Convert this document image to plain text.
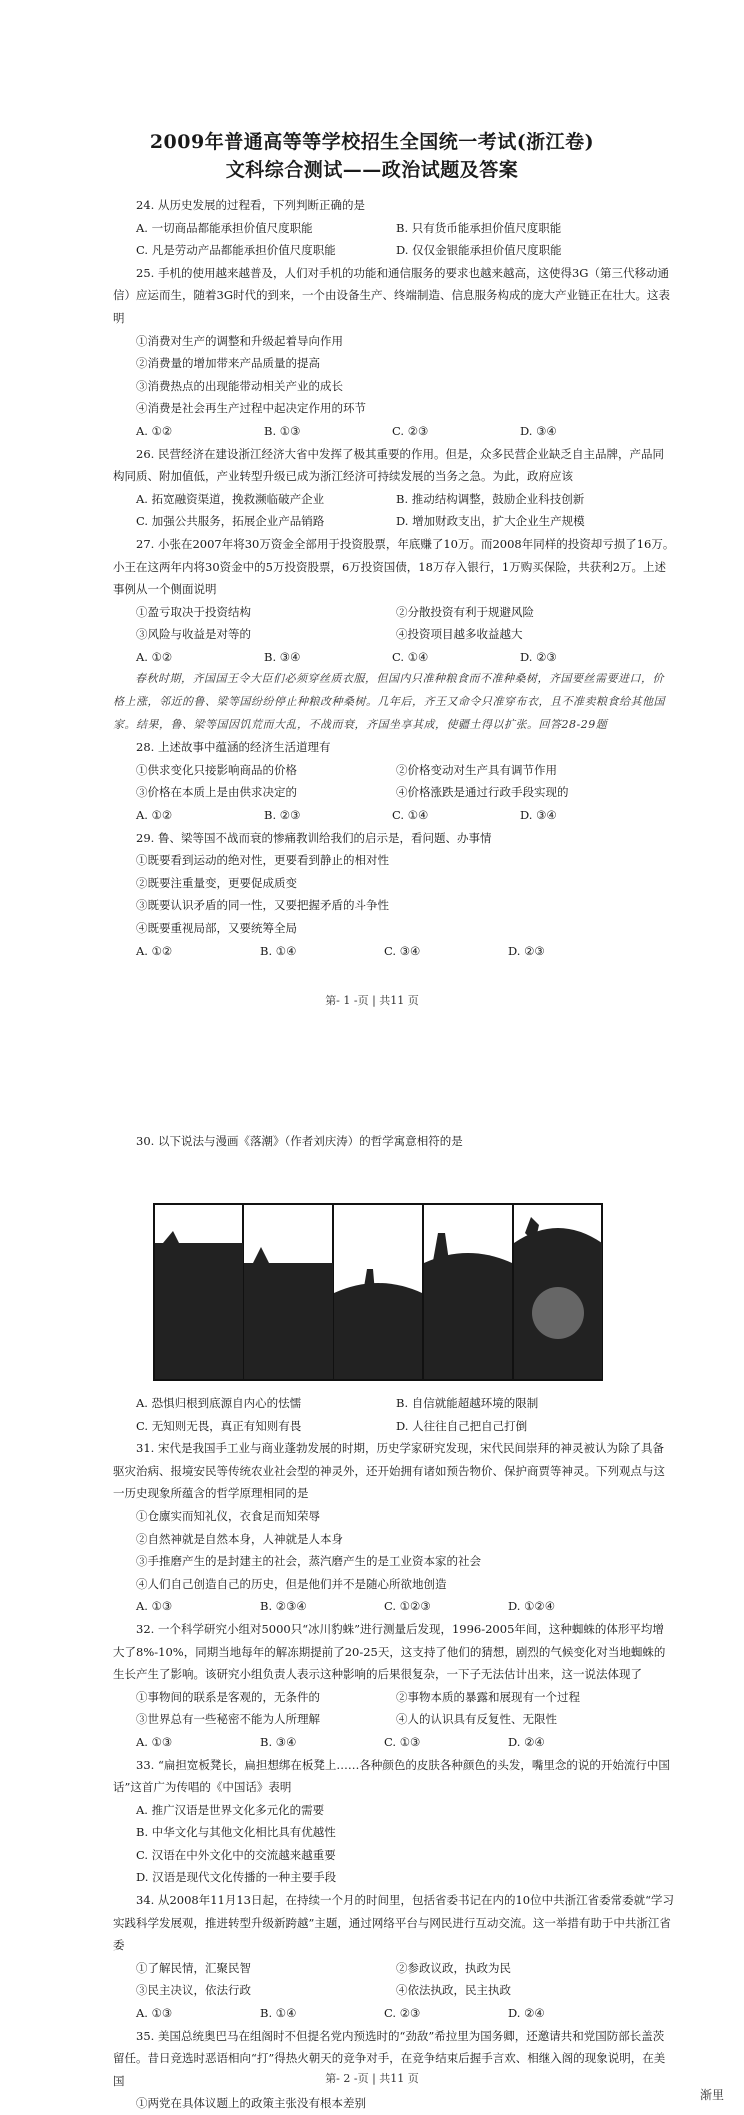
2009年普通高等等学校招生全国统一考试(浙江卷)
文科综合测试——政治试题及答案

24. 从历史发展的过程看，下列判断正确的是

A. 一切商品都能承担价值尺度职能	B. 只有货币能承担价值尺度职能
C. 凡是劳动产品都能承担价值尺度职能	D. 仅仅金银能承担价值尺度职能

25. 手机的使用越来越普及，人们对手机的功能和通信服务的要求也越来越高，这使得3G（第三代移动通信）应运而生，随着3G时代的到来，一个由设备生产、终端制造、信息服务构成的庞大产业链正在壮大。这表明

①消费对生产的调整和升级起着导向作用

②消费量的增加带来产品质量的提高

③消费热点的出现能带动相关产业的成长

④消费是社会再生产过程中起决定作用的环节

A. ①②	B. ①③	C. ②③	D. ③④

26. 民营经济在建设浙江经济大省中发挥了极其重要的作用。但是，众多民营企业缺乏自主品牌，产品同构同质、附加值低，产业转型升级已成为浙江经济可持续发展的当务之急。为此，政府应该

A. 拓宽融资渠道，挽救濒临破产企业	B. 推动结构调整，鼓励企业科技创新
C. 加强公共服务，拓展企业产品销路	D. 增加财政支出，扩大企业生产规模

27. 小张在2007年将30万资金全部用于投资股票，年底赚了10万。而2008年同样的投资却亏损了16万。小王在这两年内将30资金中的5万投资股票，6万投资国债，18万存入银行，1万购买保险，共获利2万。上述事例从一个侧面说明

①盈亏取决于投资结构	②分散投资有利于规避风险
③风险与收益是对等的	④投资项目越多收益越大
A. ①②	B. ③④	C. ①④	D. ②③

春秋时期，齐国国王令大臣们必须穿丝质衣服，但国内只准种粮食而不准种桑树，齐国要丝需要进口，价格上涨，邻近的鲁、梁等国纷纷停止种粮改种桑树。几年后，齐王又命令只准穿布衣，且不准卖粮食给其他国家。结果，鲁、梁等国因饥荒而大乱，不战而衰，齐国坐享其成，使疆土得以扩张。回答28-29题

28. 上述故事中蕴涵的经济生活道理有

①供求变化只接影响商品的价格	②价格变动对生产具有调节作用
③价格在本质上是由供求决定的	④价格涨跌是通过行政手段实现的
A. ①②	B. ②③	C. ①④	D. ③④

29. 鲁、梁等国不战而衰的惨痛教训给我们的启示是，看问题、办事情

①既要看到运动的绝对性，更要看到静止的相对性

②既要注重量变，更要促成质变

③既要认识矛盾的同一性，又要把握矛盾的斗争性

④既要重视局部，又要统筹全局

A. ①②	B. ①④	C. ③④	D. ②③
第- 1 -页 | 共11 页

30. 以下说法与漫画《落潮》（作者刘庆涛）的哲学寓意相符的是

A. 恐惧归根到底源自内心的怯懦	B. 自信就能超越环境的限制
C. 无知则无畏，真正有知则有畏	D. 人往往自己把自己打倒

31. 宋代是我国手工业与商业蓬勃发展的时期，历史学家研究发现，宋代民间崇拜的神灵被认为除了具备驱灾治病、报境安民等传统农业社会型的神灵外，还开始拥有诸如预告物价、保护商贾等神灵。下列观点与这一历史现象所蕴含的哲学原理相同的是

①仓廪实而知礼仪，衣食足而知荣辱

②自然神就是自然本身，人神就是人本身

③手推磨产生的是封建主的社会，蒸汽磨产生的是工业资本家的社会

④人们自己创造自己的历史，但是他们并不是随心所欲地创造

A. ①③	B. ②③④	C. ①②③	D. ①②④

32. 一个科学研究小组对5000只“冰川豹蛛”进行测量后发现，1996-2005年间，这种蜘蛛的体形平均增大了8%-10%，同期当地每年的解冻期提前了20-25天，这支持了他们的猜想，剧烈的气候变化对当地蜘蛛的生长产生了影响。该研究小组负责人表示这种影响的后果很复杂，一下子无法估计出来，这一说法体现了

①事物间的联系是客观的，无条件的	②事物本质的暴露和展现有一个过程
③世界总有一些秘密不能为人所理解	④人的认识具有反复性、无限性
A. ①③	B. ③④	C. ①③	D. ②④

33. “扁担宽板凳长，扁担想绑在板凳上……各种颜色的皮肤各种颜色的头发，嘴里念的说的开始流行中国话”这首广为传唱的《中国话》表明

A. 推广汉语是世界文化多元化的需要

B. 中华文化与其他文化相比具有优越性

C. 汉语在中外文化中的交流越来越重要

D. 汉语是现代文化传播的一种主要手段

34. 从2008年11月13日起，在持续一个月的时间里，包括省委书记在内的10位中共浙江省委常委就“学习实践科学发展观，推进转型升级新跨越”主题，通过网络平台与网民进行互动交流。这一举措有助于中共浙江省委

①了解民情，汇聚民智	②参政议政，执政为民
③民主决议，依法行政	④依法执政，民主执政
A. ①③	B. ①④	C. ②③	D. ②④

35. 美国总统奥巴马在组阁时不但提名党内预选时的“劲敌”希拉里为国务卿，还邀请共和党国防部长盖茨留任。昔日竞选时恶语相向“打”得热火朝天的竞争对手，在竞争结束后握手言欢、相继入阁的现象说明，在美国

①两党在具体议题上的政策主张没有根本差别

第- 2 -页 | 共11 页
渐里
